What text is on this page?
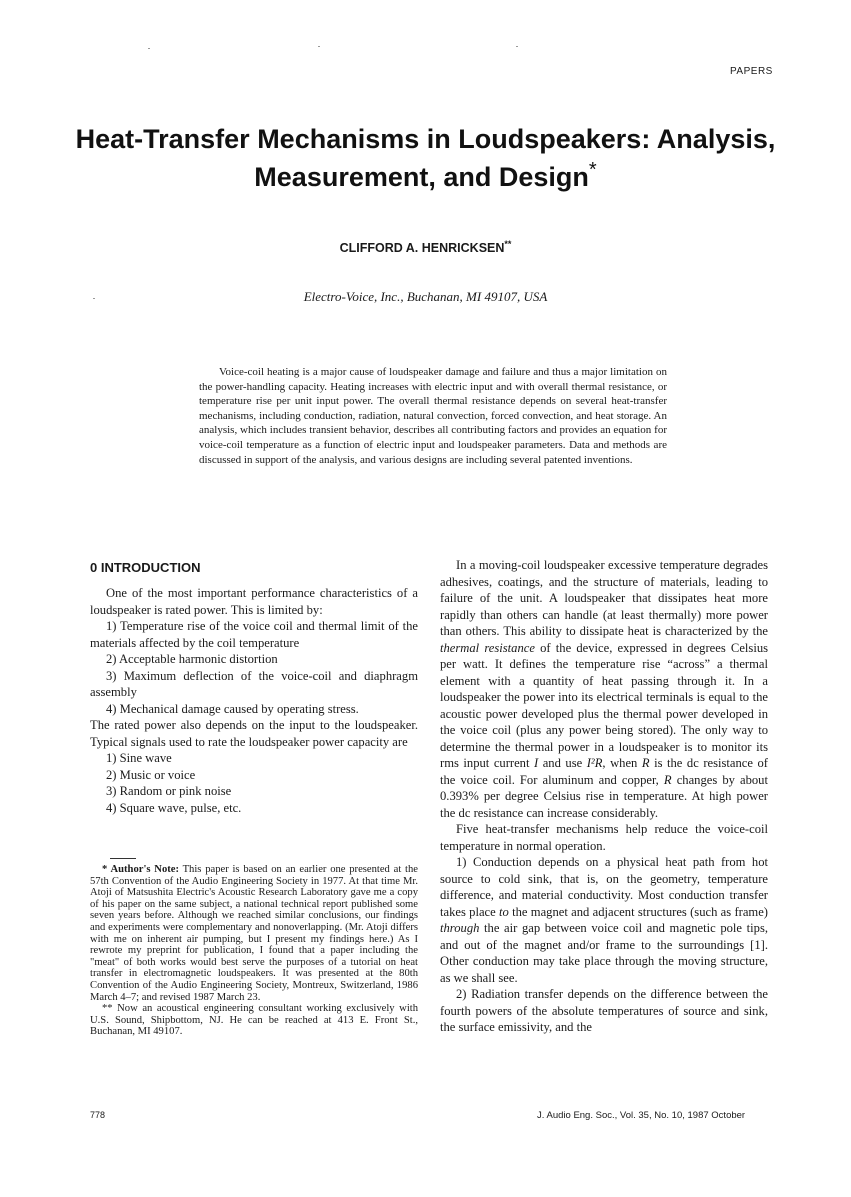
PAPERS
Heat-Transfer Mechanisms in Loudspeakers: Analysis,
Measurement, and Design*
CLIFFORD A. HENRICKSEN**
Electro-Voice, Inc., Buchanan, MI 49107, USA
Voice-coil heating is a major cause of loudspeaker damage and failure and thus a major limitation on the power-handling capacity. Heating increases with electric input and with overall thermal resistance, or temperature rise per unit input power. The overall thermal resistance depends on several heat-transfer mechanisms, including conduction, radiation, natural convection, forced convection, and heat storage. An analysis, which includes transient behavior, describes all contributing factors and provides an equation for voice-coil temperature as a function of electric input and loudspeaker parameters. Data and methods are discussed in support of the analysis, and various designs are including several patented inventions.
0 INTRODUCTION

One of the most important performance characteristics of a loudspeaker is rated power. This is limited by:

1) Temperature rise of the voice coil and thermal limit of the materials affected by the coil temperature

2) Acceptable harmonic distortion

3) Maximum deflection of the voice-coil and diaphragm assembly

4) Mechanical damage caused by operating stress.

The rated power also depends on the input to the loudspeaker. Typical signals used to rate the loudspeaker power capacity are

1) Sine wave

2) Music or voice

3) Random or pink noise

4) Square wave, pulse, etc.

* Author's Note: This paper is based on an earlier one presented at the 57th Convention of the Audio Engineering Society in 1977. At that time Mr. Atoji of Matsushita Electric's Acoustic Research Laboratory gave me a copy of his paper on the same subject, a national technical report published some seven years before. Although we reached similar conclusions, our findings and experiments were complementary and nonoverlapping. (Mr. Atoji differs with me on inherent air pumping, but I present my findings here.) As I rewrote my preprint for publication, I found that a paper including the "meat" of both works would best serve the purposes of a tutorial on heat transfer in electromagnetic loudspeakers. It was presented at the 80th Convention of the Audio Engineering Society, Montreux, Switzerland, 1986 March 4–7; and revised 1987 March 23.

** Now an acoustical engineering consultant working exclusively with U.S. Sound, Shipbottom, NJ. He can be reached at 413 E. Front St., Buchanan, MI 49107.

In a moving-coil loudspeaker excessive temperature degrades adhesives, coatings, and the structure of materials, leading to failure of the unit. A loudspeaker that dissipates heat more rapidly than others can handle (at least thermally) more power than others. This ability to dissipate heat is characterized by the thermal resistance of the device, expressed in degrees Celsius per watt. It defines the temperature rise “across” a thermal element with a quantity of heat passing through it. In a loudspeaker the power into its electrical terminals is equal to the acoustic power developed plus the thermal power developed in the voice coil (plus any power being stored). The only way to determine the thermal power in a loudspeaker is to monitor its rms input current I and use I²R, when R is the dc resistance of the voice coil. For aluminum and copper, R changes by about 0.393% per degree Celsius rise in temperature. At high power the dc resistance can increase considerably.

Five heat-transfer mechanisms help reduce the voice-coil temperature in normal operation.

1) Conduction depends on a physical heat path from hot source to cold sink, that is, on the geometry, temperature difference, and material conductivity. Most conduction transfer takes place to the magnet and adjacent structures (such as frame) through the air gap between voice coil and magnetic pole tips, and out of the magnet and/or frame to the surroundings [1]. Other conduction may take place through the moving structure, as we shall see.

2) Radiation transfer depends on the difference between the fourth powers of the absolute temperatures of source and sink, the surface emissivity, and the

778	J. Audio Eng. Soc., Vol. 35, No. 10, 1987 October
